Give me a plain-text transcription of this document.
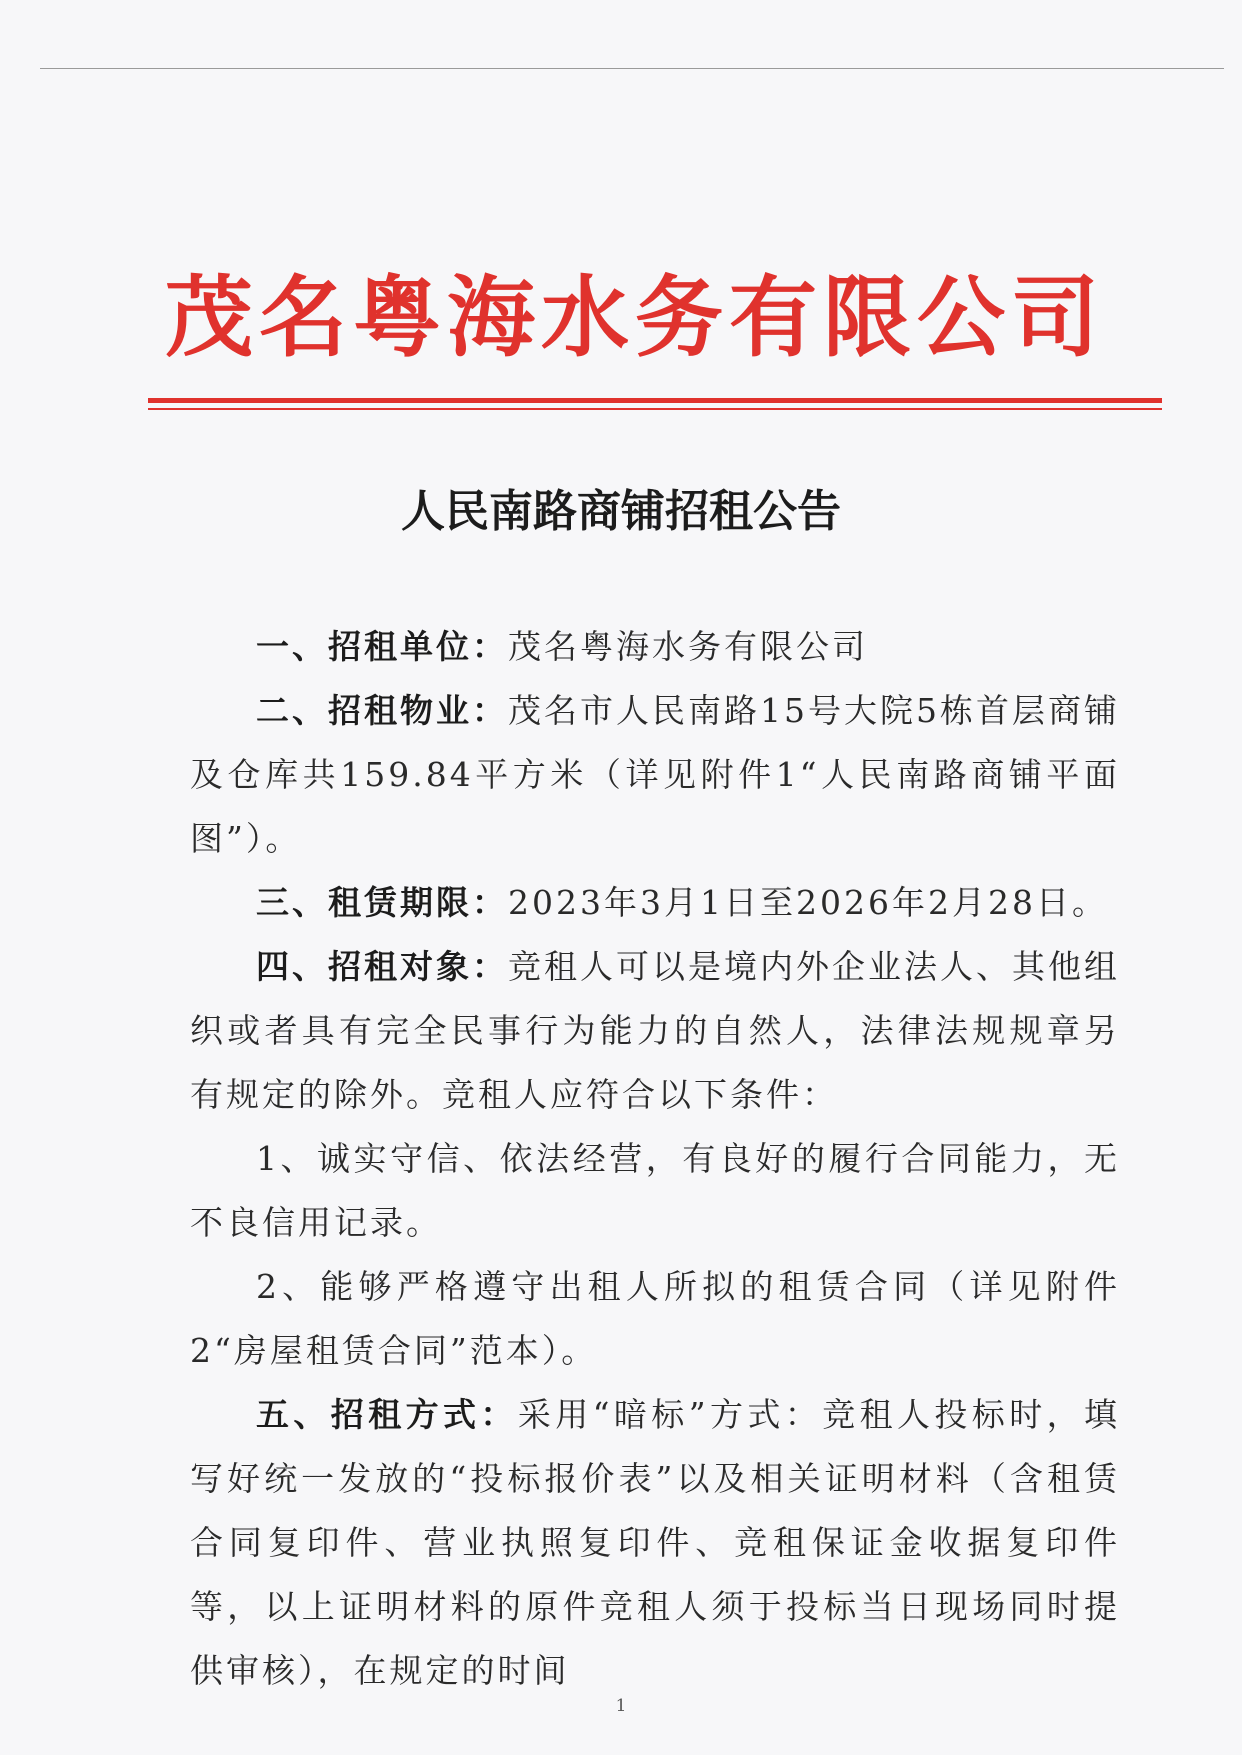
茂名粤海水务有限公司
人民南路商铺招租公告

一、招租单位：茂名粤海水务有限公司

二、招租物业：茂名市人民南路15号大院5栋首层商铺及仓库共159.84平方米（详见附件1“人民南路商铺平面图”）。

三、租赁期限：2023年3月1日至2026年2月28日。

四、招租对象：竞租人可以是境内外企业法人、其他组织或者具有完全民事行为能力的自然人，法律法规规章另有规定的除外。竞租人应符合以下条件：

1、诚实守信、依法经营，有良好的履行合同能力，无不良信用记录。

2、能够严格遵守出租人所拟的租赁合同（详见附件2“房屋租赁合同”范本）。

五、招租方式：采用“暗标”方式：竞租人投标时，填写好统一发放的“投标报价表”以及相关证明材料（含租赁合同复印件、营业执照复印件、竞租保证金收据复印件等，以上证明材料的原件竞租人须于投标当日现场同时提供审核），在规定的时间

1
